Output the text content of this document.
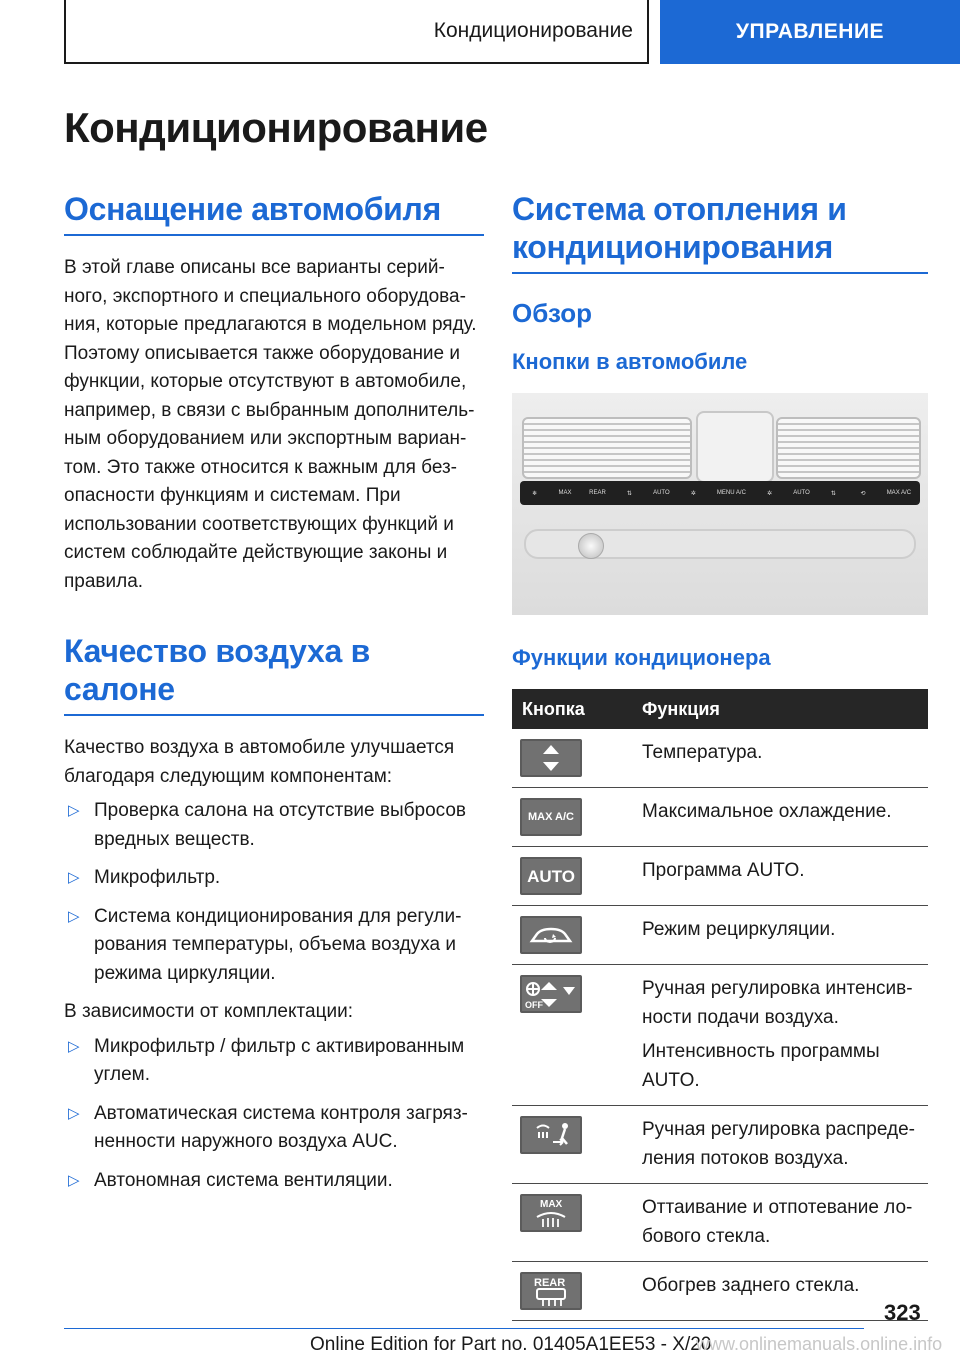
Кондиционирование	УПРАВЛЕНИЕ
Кондиционирование
Оснащение автомобиля

В этой главе описаны все варианты серий-ного, экспортного и специального оборудова-ния, которые предлагаются в модельном ряду. Поэтому описывается также оборудование и функции, которые отсутствуют в автомобиле, например, в связи с выбранным дополнитель-ным оборудованием или экспортным вариан-том. Это также относится к важным для без-опасности функциям и системам. При использовании соответствующих функций и систем соблюдайте действующие законы и правила.

Качество воздуха в салоне

Качество воздуха в автомобиле улучшается благодаря следующим компонентам:

▷ Проверка салона на отсутствие выбросов вредных веществ.
▷ Микрофильтр.
▷ Система кондиционирования для регули-рования температуры, объема воздуха и режима циркуляции.

В зависимости от комплектации:

▷ Микрофильтр / фильтр с активированным углем.
▷ Автоматическая система контроля загряз-ненности наружного воздуха AUC.
▷ Автономная система вентиляции.
Система отопления и кондиционирования
Обзор
Кнопки в автомобиле
❄	MAX	REAR	⇅	AUTO	✲	MENU A/C	✲	AUTO	⇅	⟲	MAX A/C
Функции кондиционера
Кнопка	Функция

Температура.

MAX A/C	Максимальное охлаждение.

AUTO	Программа AUTO.

Режим рециркуляции.

OFF	Ручная регулировка интенсив-ности подачи воздуха.

Интенсивность программы AUTO.

Ручная регулировка распреде-ления потоков воздуха.

MAX	Оттаивание и отпотевание ло-бового стекла.

REAR	Обогрев заднего стекла.

323
Online Edition for Part no. 01405A1EE53 - X/20
www.onlinemanuals.online.info
